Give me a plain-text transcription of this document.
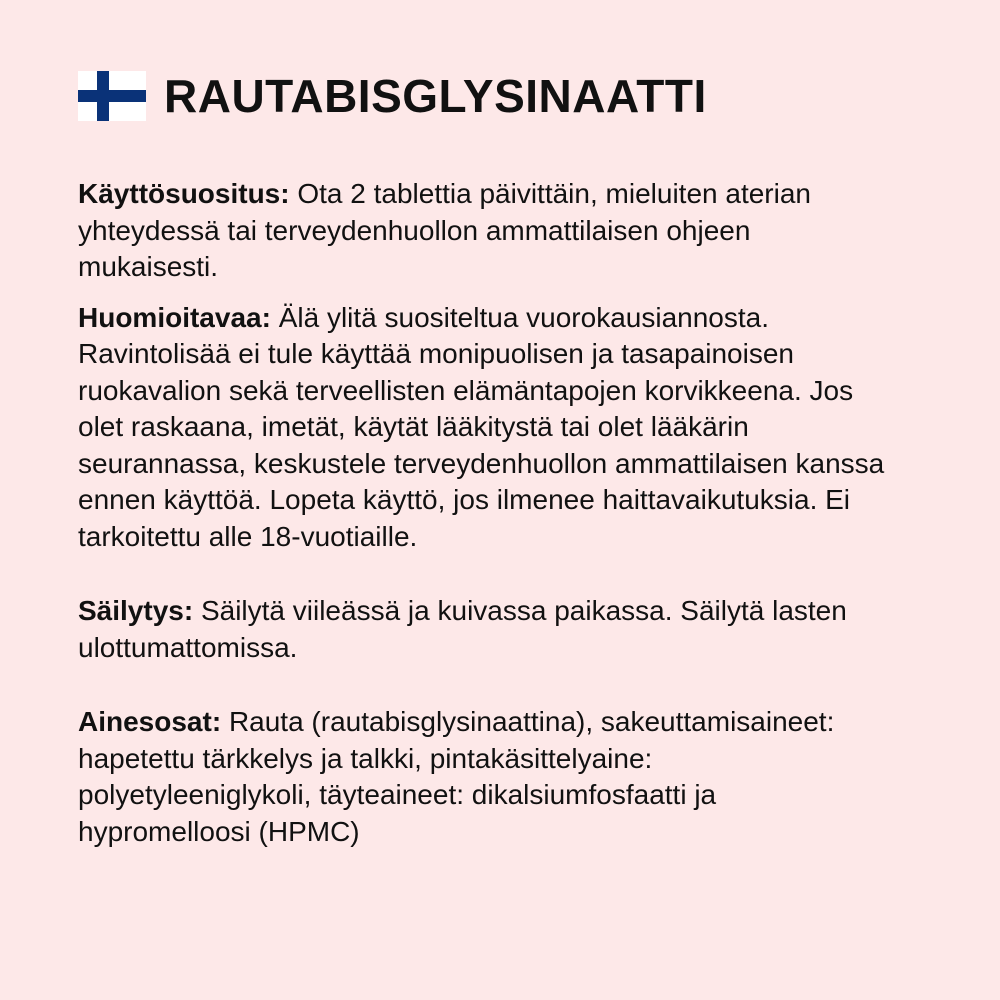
RAUTABISGLYSINAATTI

Käyttösuositus: Ota 2 tablettia päivittäin, mieluiten aterian yhteydessä tai terveydenhuollon ammattilaisen ohjeen mukaisesti.

Huomioitavaa: Älä ylitä suositeltua vuorokausiannosta. Ravintolisää ei tule käyttää monipuolisen ja tasapainoisen ruokavalion sekä terveellisten elämäntapojen korvikkeena. Jos olet raskaana, imetät, käytät lääkitystä tai olet lääkärin seurannassa, keskustele terveydenhuollon ammattilaisen kanssa ennen käyttöä. Lopeta käyttö, jos ilmenee haittavaikutuksia. Ei tarkoitettu alle 18-vuotiaille.

Säilytys: Säilytä viileässä ja kuivassa paikassa. Säilytä lasten ulottumattomissa.

Ainesosat: Rauta (rautabisglysinaattina), sakeuttamisaineet: hapetettu tärkkelys ja talkki, pintakäsittelyaine: polyetyleeniglykoli, täyteaineet: dikalsiumfosfaatti ja hypromelloosi (HPMC)
